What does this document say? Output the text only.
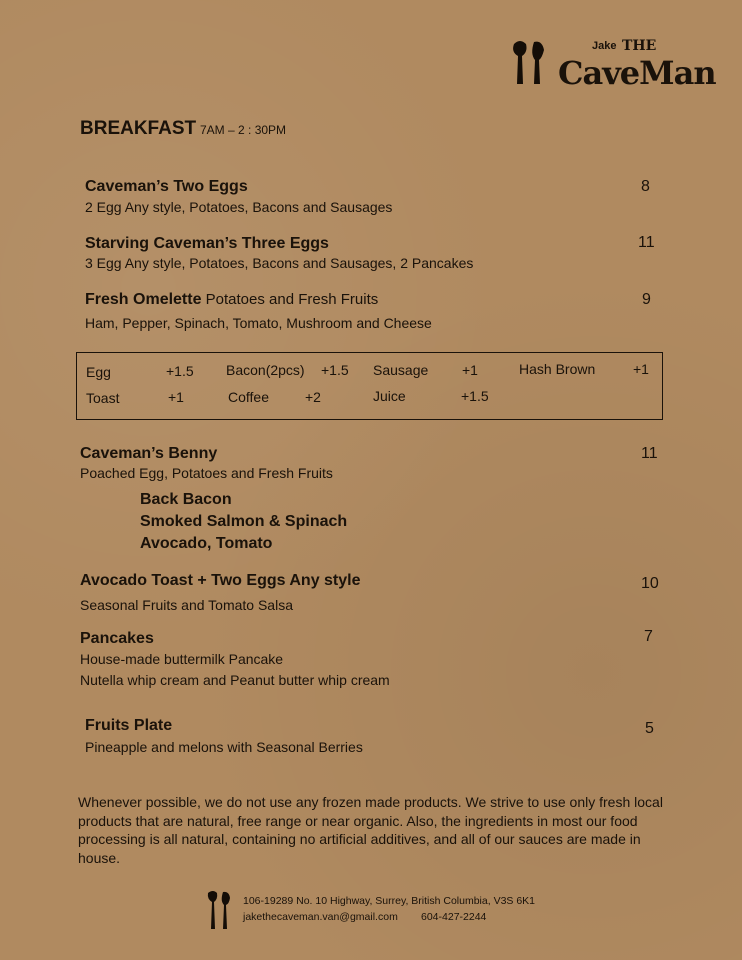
Jake THE
CaveMan
BREAKFAST 7AM – 2 : 30PM
Caveman’s Two Eggs
2 Egg Any style, Potatoes, Bacons and Sausages
8
Starving Caveman’s Three Eggs
3 Egg Any style, Potatoes, Bacons and Sausages, 2 Pancakes
11
Fresh Omelette Potatoes and Fresh Fruits
Ham, Pepper, Spinach, Tomato, Mushroom and Cheese
9
Egg	+1.5 Bacon(2pcs) +1.5 Sausage +1	Hash Brown	+1
Toast	+1	Coffee	+2	Juice	+1.5
Caveman’s Benny
Poached Egg, Potatoes and Fresh Fruits
11
Back Bacon
Smoked Salmon & Spinach
Avocado, Tomato
Avocado Toast + Two Eggs Any style
Seasonal Fruits and Tomato Salsa
10
Pancakes
House-made buttermilk Pancake
Nutella whip cream and Peanut butter whip cream
7
Fruits Plate
Pineapple and melons with Seasonal Berries
5
Whenever possible, we do not use any frozen made products. We strive to use only fresh local products that are natural, free range or near organic. Also, the ingredients in most our food processing is all natural, containing no artificial additives, and all of our sauces are made in house.
106-19289 No. 10 Highway, Surrey, British Columbia, V3S 6K1
jakethecaveman.van@gmail.com 604-427-2244
